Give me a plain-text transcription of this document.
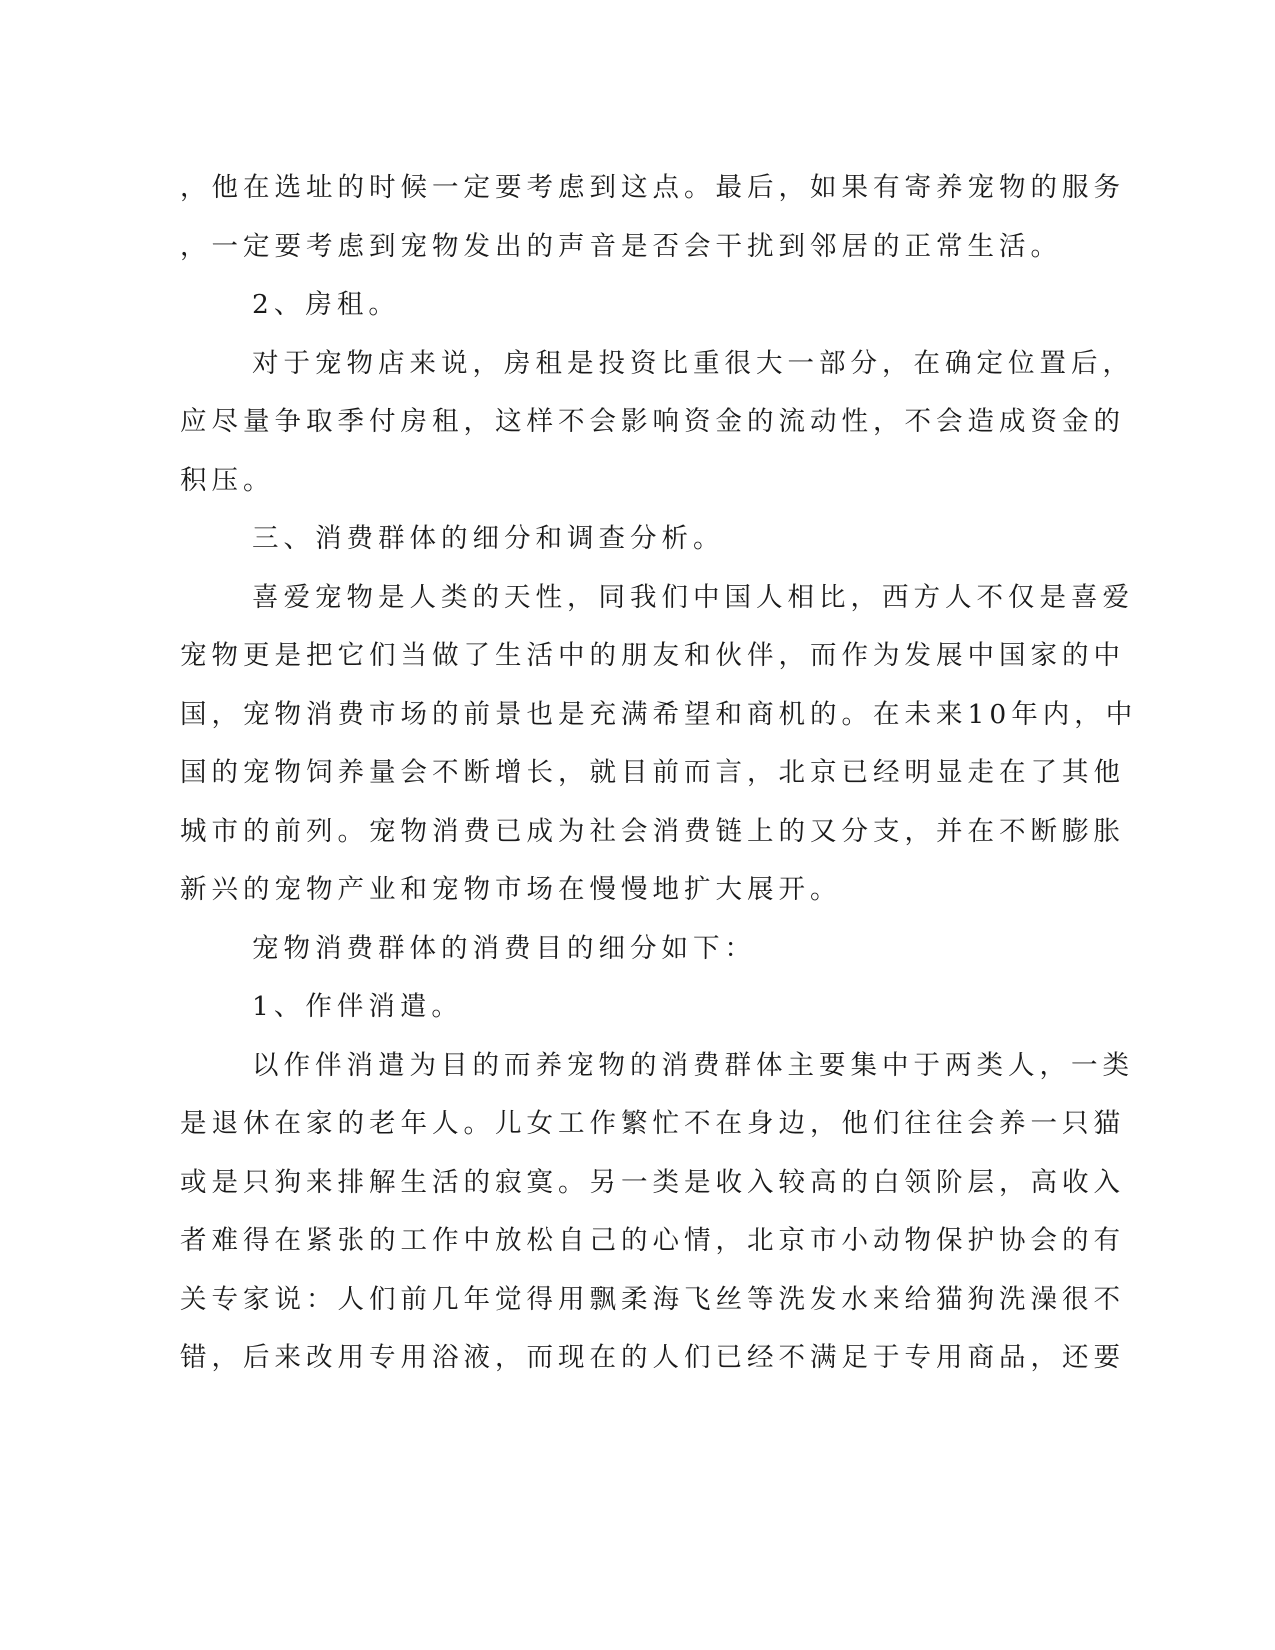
，他在选址的时候一定要考虑到这点。最后，如果有寄养宠物的服务
，一定要考虑到宠物发出的声音是否会干扰到邻居的正常生活。
2、房租。
对于宠物店来说，房租是投资比重很大一部分，在确定位置后，
应尽量争取季付房租，这样不会影响资金的流动性，不会造成资金的
积压。
三、消费群体的细分和调查分析。
喜爱宠物是人类的天性，同我们中国人相比，西方人不仅是喜爱
宠物更是把它们当做了生活中的朋友和伙伴，而作为发展中国家的中
国，宠物消费市场的前景也是充满希望和商机的。在未来10年内，中
国的宠物饲养量会不断增长，就目前而言，北京已经明显走在了其他
城市的前列。宠物消费已成为社会消费链上的又分支，并在不断膨胀
新兴的宠物产业和宠物市场在慢慢地扩大展开。
宠物消费群体的消费目的细分如下：
1、作伴消遣。
以作伴消遣为目的而养宠物的消费群体主要集中于两类人，一类
是退休在家的老年人。儿女工作繁忙不在身边，他们往往会养一只猫
或是只狗来排解生活的寂寞。另一类是收入较高的白领阶层，高收入
者难得在紧张的工作中放松自己的心情，北京市小动物保护协会的有
关专家说：人们前几年觉得用飘柔海飞丝等洗发水来给猫狗洗澡很不
错，后来改用专用浴液，而现在的人们已经不满足于专用商品，还要
